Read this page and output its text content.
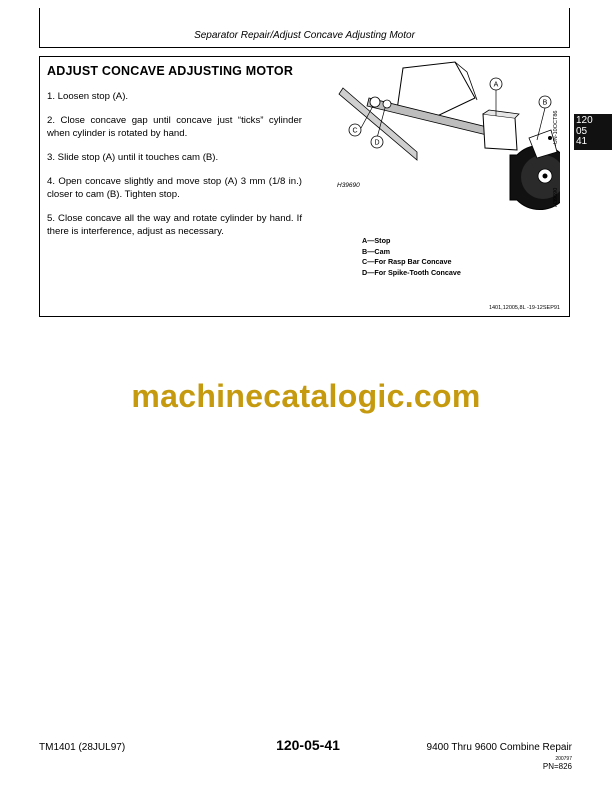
Separator Repair/Adjust Concave Adjusting Motor
ADJUST CONCAVE ADJUSTING MOTOR

1. Loosen stop (A).

2. Close concave gap until concave just “ticks” cylinder when cylinder is rotated by hand.

3. Slide stop (A) until it touches cam (B).

4. Open concave slightly and move stop (A) 3 mm (1/8 in.) closer to cam (B). Tighten stop.

5. Close concave all the way and rotate cylinder by hand. If there is interference, adjust as necessary.

A
B
C
D
H39690
-UN-10OCT86
H39690
A—Stop
B—Cam
C—For Rasp Bar Concave
D—For Spike-Tooth Concave
1401,12005,8L -19-12SEP91
120
05
41
machinecatalogic.com
TM1401 (28JUL97)	120-05-41	9400 Thru 9600 Combine Repair
200797
PN=826
